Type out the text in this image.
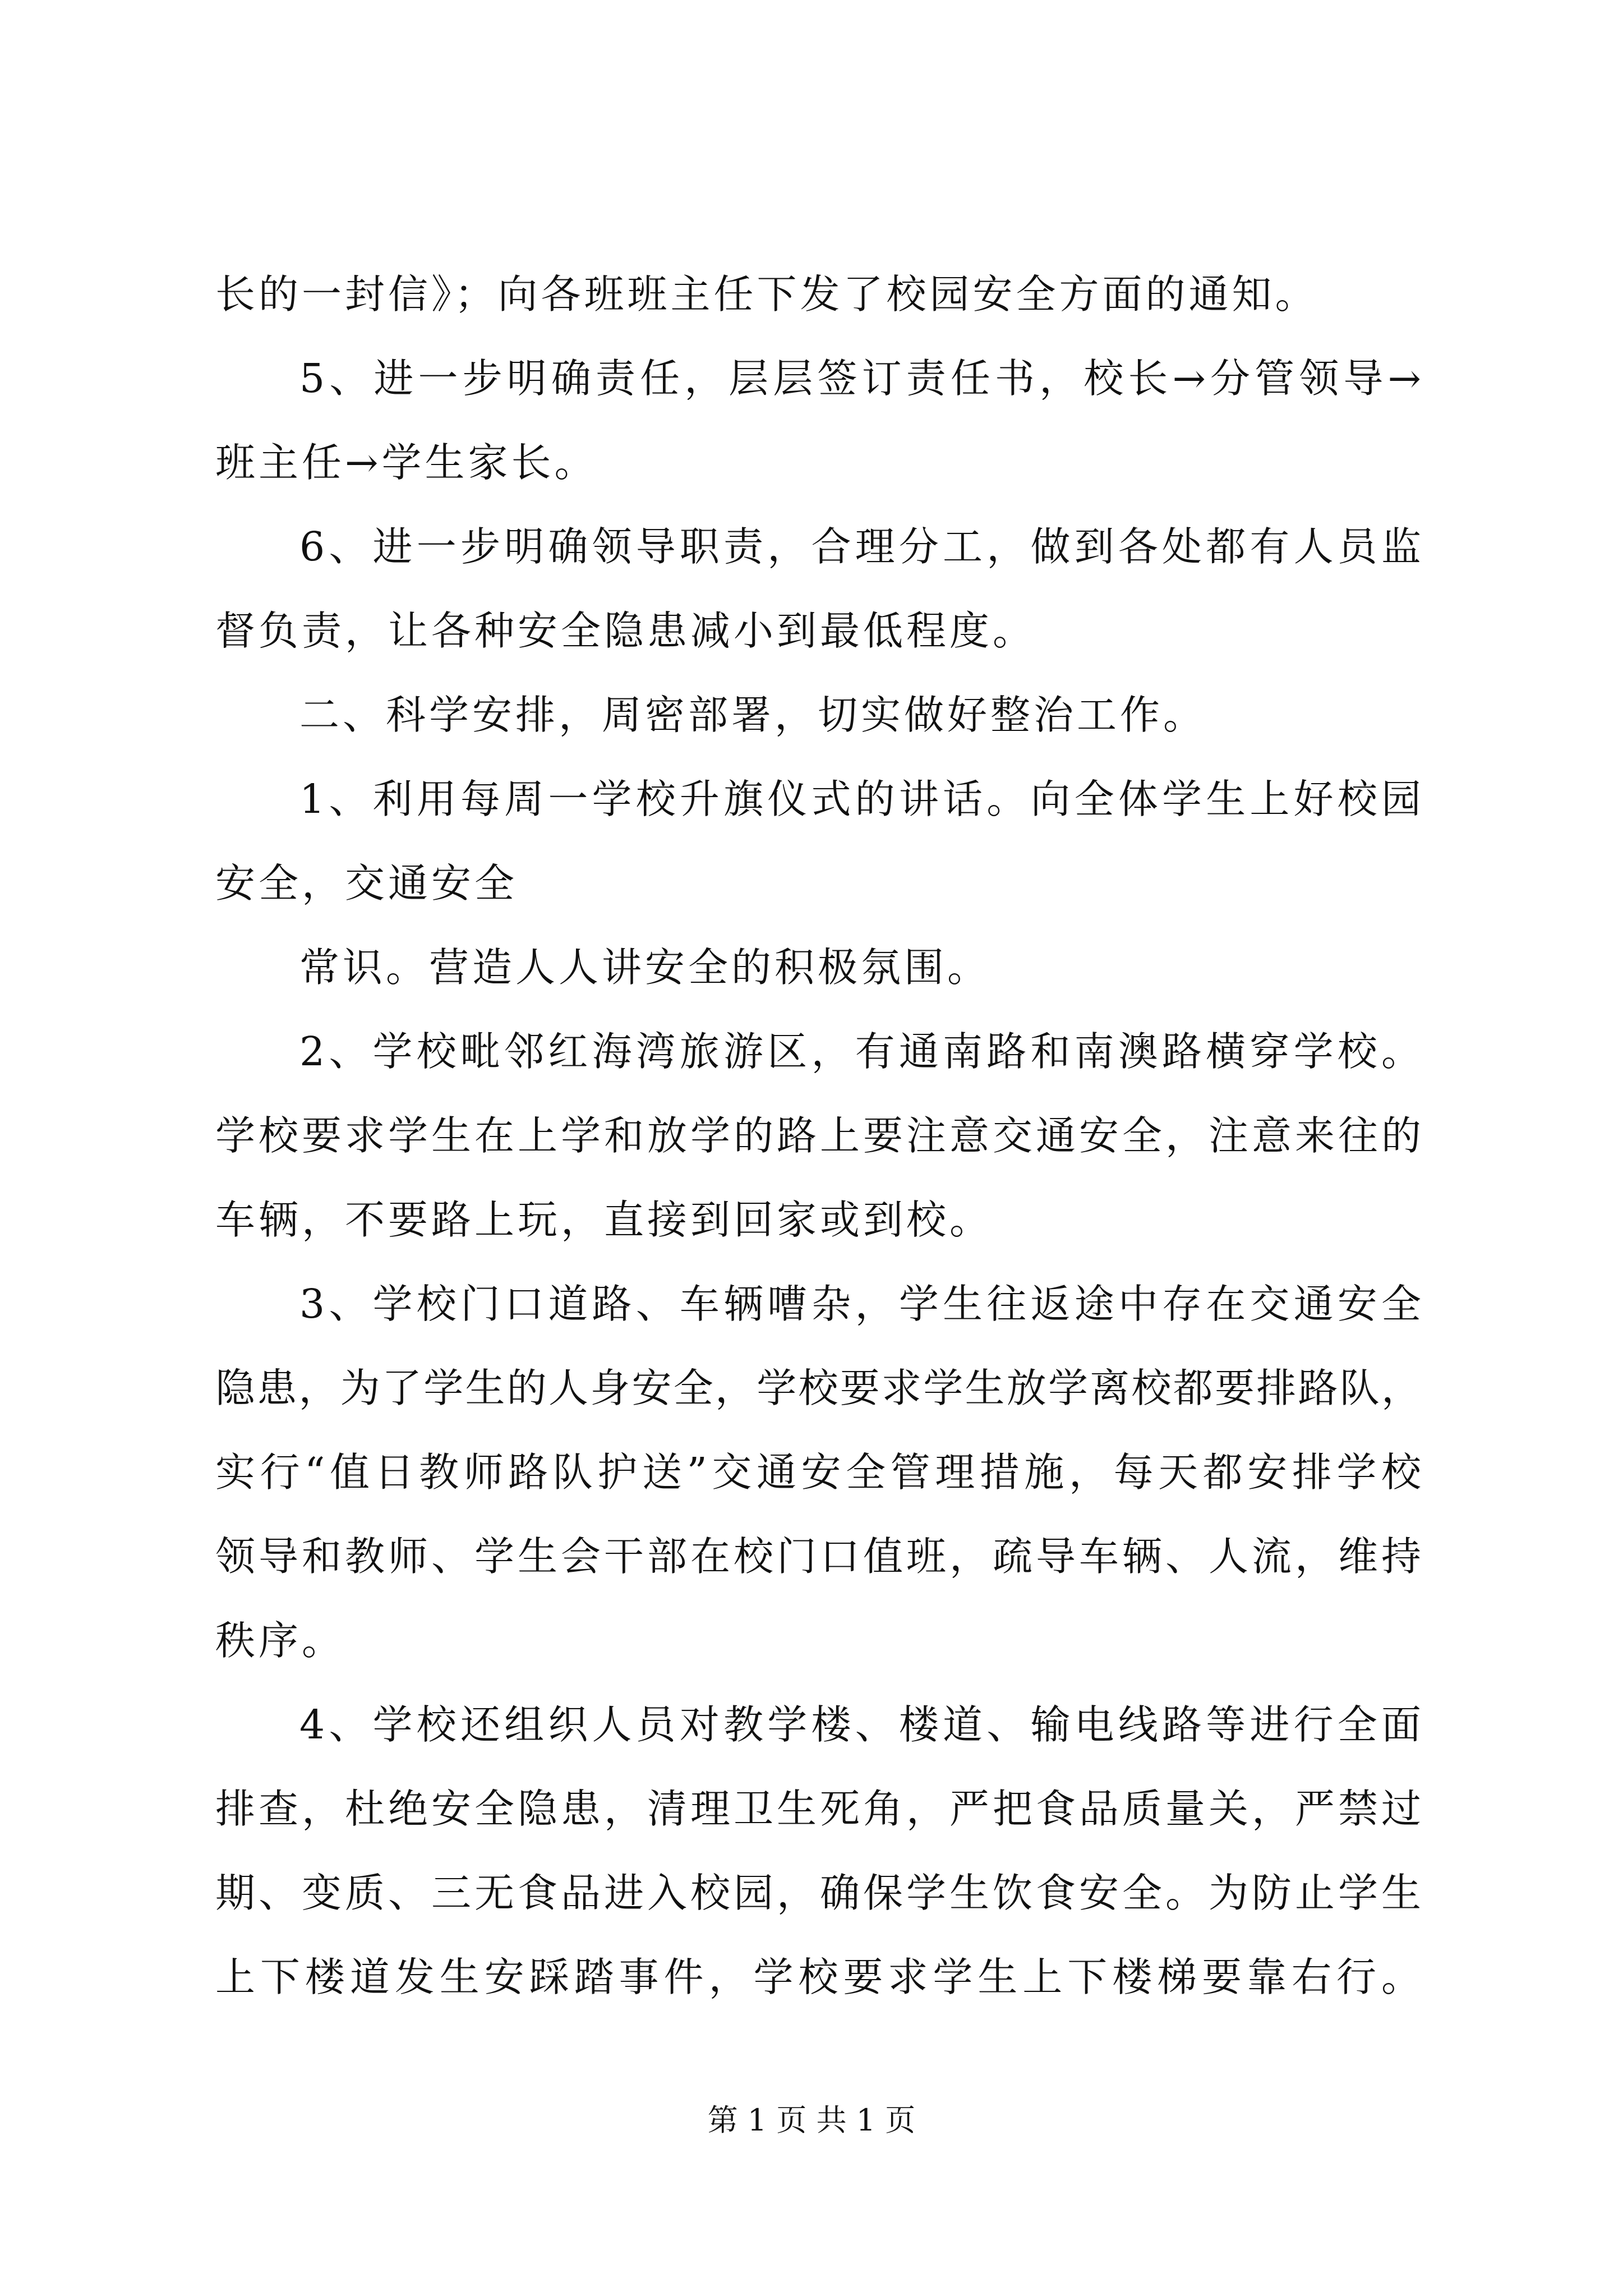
长的一封信》；向各班班主任下发了校园安全方面的通知。
5、进一步明确责任，层层签订责任书，校长→分管领导→
班主任→学生家长。
6、进一步明确领导职责，合理分工，做到各处都有人员监
督负责，让各种安全隐患减小到最低程度。
二、科学安排，周密部署，切实做好整治工作。
1、利用每周一学校升旗仪式的讲话。向全体学生上好校园
安全，交通安全
常识。营造人人讲安全的积极氛围。
2、学校毗邻红海湾旅游区，有通南路和南澳路横穿学校。
学校要求学生在上学和放学的路上要注意交通安全，注意来往的
车辆，不要路上玩，直接到回家或到校。
3、学校门口道路、车辆嘈杂，学生往返途中存在交通安全
隐患，为了学生的人身安全，学校要求学生放学离校都要排路队，
实行“值日教师路队护送”交通安全管理措施，每天都安排学校
领导和教师、学生会干部在校门口值班，疏导车辆、人流，维持
秩序。
4、学校还组织人员对教学楼、楼道、输电线路等进行全面
排查，杜绝安全隐患，清理卫生死角，严把食品质量关，严禁过
期、变质、三无食品进入校园，确保学生饮食安全。为防止学生
上下楼道发生安踩踏事件，学校要求学生上下楼梯要靠右行。
第 1 页 共 1 页
